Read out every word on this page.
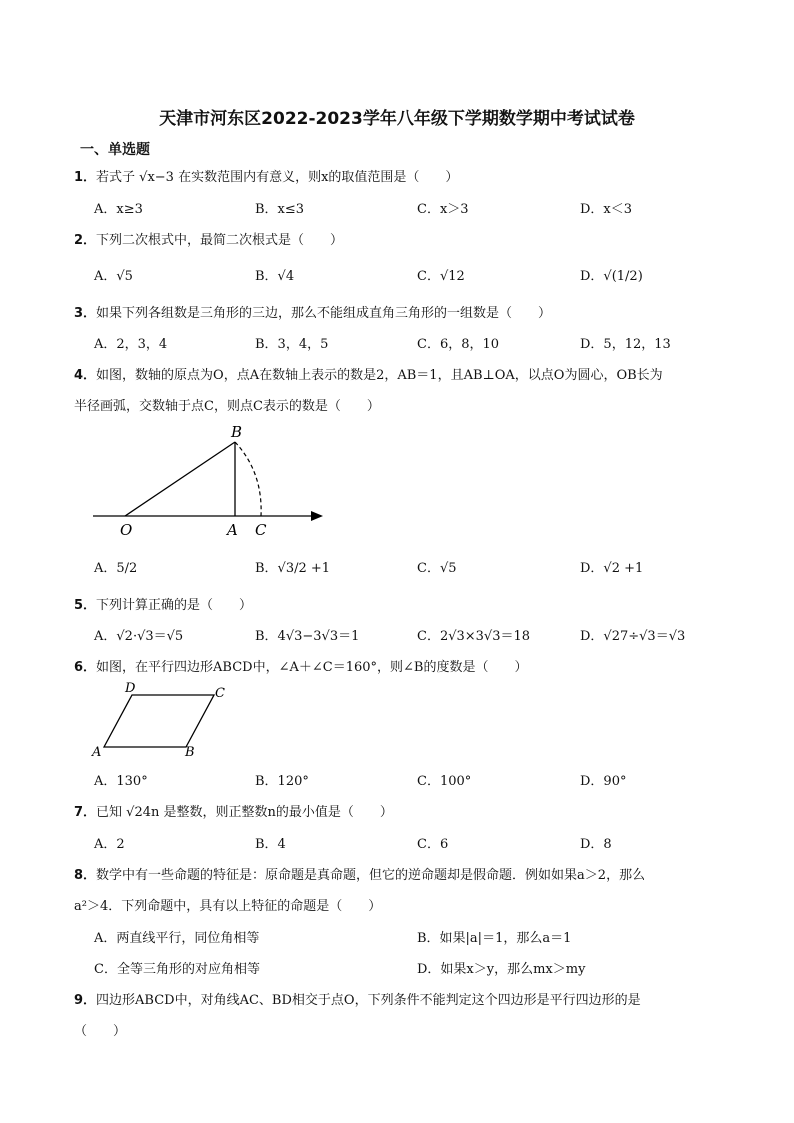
天津市河东区2022-2023学年八年级下学期数学期中考试试卷
一、单选题
1．若式子 √x−3 在实数范围内有意义，则x的取值范围是（　　）
A．x≥3	B．x≤3	C．x＞3	D．x＜3
2．下列二次根式中，最简二次根式是（　　）
A．√5	B．√4	C．√12	D．√(1/2)
3．如果下列各组数是三角形的三边，那么不能组成直角三角形的一组数是（　　）
A．2，3，4	B．3，4，5	C．6，8，10	D．5，12，13
4．如图，数轴的原点为O，点A在数轴上表示的数是2，AB＝1，且AB⊥OA，以点O为圆心，OB长为
半径画弧，交数轴于点C，则点C表示的数是（　　）
B
O	A C
A．5/2	B．√3/2 +1	C．√5	D．√2 +1
5．下列计算正确的是（　　）
A．√2·√3＝√5	B．4√3−3√3＝1	C．2√3×3√3＝18	D．√27÷√3＝√3
6．如图，在平行四边形ABCD中，∠A＋∠C＝160°，则∠B的度数是（　　）
A	B
C
D
A．130°	B．120°	C．100°	D．90°
7．已知 √24n 是整数，则正整数n的最小值是（　　）
A．2	B．4	C．6	D．8
8．数学中有一些命题的特征是：原命题是真命题，但它的逆命题却是假命题．例如如果a＞2，那么
a²＞4．下列命题中，具有以上特征的命题是（　　）
A．两直线平行，同位角相等	B．如果|a|＝1，那么a＝1
C．全等三角形的对应角相等	D．如果x＞y，那么mx＞my
9．四边形ABCD中，对角线AC、BD相交于点O，下列条件不能判定这个四边形是平行四边形的是
（　　）
